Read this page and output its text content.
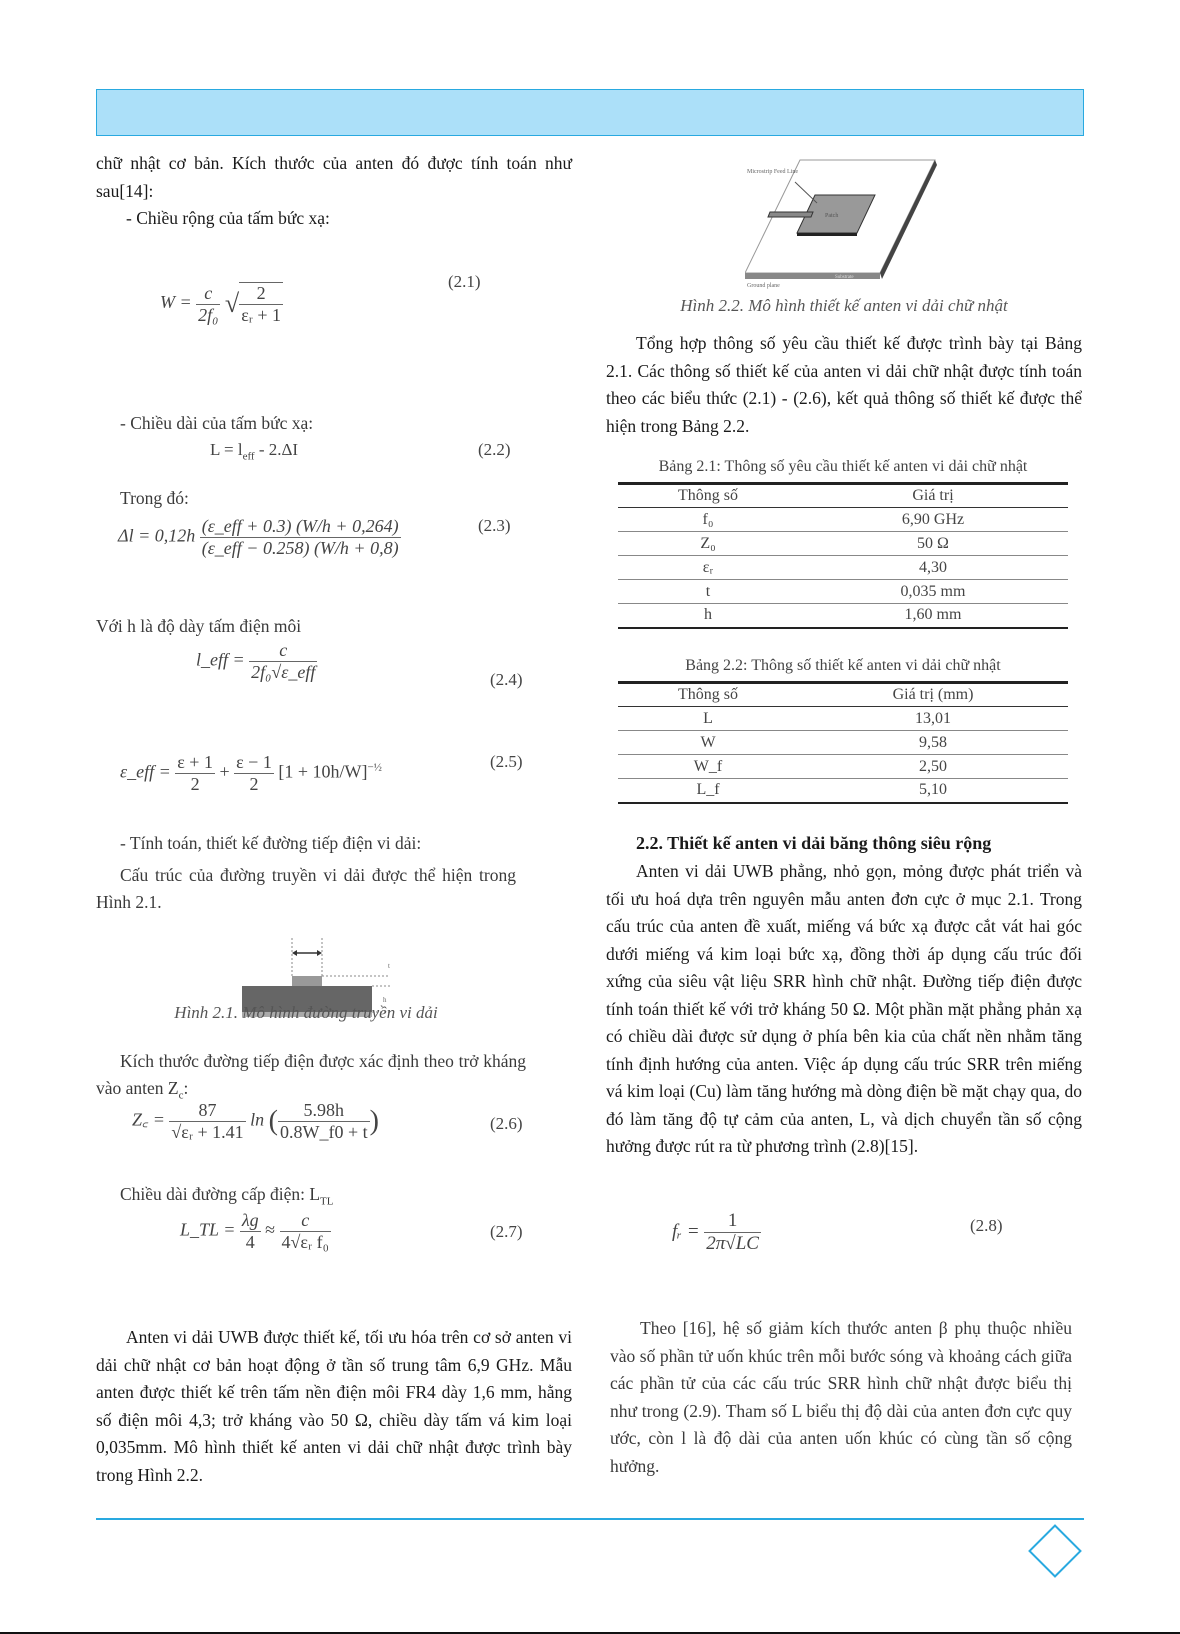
chữ nhật cơ bản. Kích thước của anten đó được tính toán như sau[14]:

- Chiều rộng của tấm bức xạ:

$W = \frac{c}{\text{2f₀}}$ √ $\frac{2}{\text{εᵣ + 1}}$
(2.1)
- Chiều dài của tấm bức xạ:
$L = l_{eff} - 2.\Delta I$	(2.2)
Trong đó:
$\Delta l = 0,12h \frac{\text{(ε\_eff + 0.3) (W/h + 0,264)}}{\text{(ε\_eff − 0.258) (W/h + 0,8)}}$	(2.3)
Với h là độ dày tấm điện môi
l_eff = $\frac{c}{\text{2f₀√ε\_eff}}$	(2.4)
ε_eff = $\frac{\varepsilon + 1}{2} + \frac{\varepsilon - 1}{2} [1 + 10h/W]^{-\frac{1}{2}}$	(2.5)
- Tính toán, thiết kế đường tiếp điện vi dải:
Cấu trúc của đường truyền vi dải được thể hiện trong Hình 2.1.
t
h
Hình 2.1. Mô hình đường truyền vi dải
Kích thước đường tiếp điện được xác định theo trở kháng vào anten $Z_c$:
Z꜀ = $\frac{87}{\text{√εᵣ + 1.41}}$ ln ( $\frac{5.98h}{0.8W\_f0 + t}$ )	(2.6)
Chiều dài đường cấp điện: $L_{TL}$
L_TL = $\frac{\lambda g}{4} \approx \frac{c}{\text{4√εᵣ f₀}}$	(2.7)
Anten vi dải UWB được thiết kế, tối ưu hóa trên cơ sở anten vi dải chữ nhật cơ bản hoạt động ở tần số trung tâm 6,9 GHz. Mẫu anten được thiết kế trên tấm nền điện môi FR4 dày 1,6 mm, hằng số điện môi 4,3; trở kháng vào 50 Ω, chiều dày tấm vá kim loại 0,035mm. Mô hình thiết kế anten vi dải chữ nhật được trình bày trong Hình 2.2.
Microstrip Feed Line
Patch
Ground plane
Substrate
Hình 2.2. Mô hình thiết kế anten vi dải chữ nhật
Tổng hợp thông số yêu cầu thiết kế được trình bày tại Bảng 2.1. Các thông số thiết kế của anten vi dải chữ nhật được tính toán theo các biểu thức (2.1) - (2.6), kết quả thông số thiết kế được thể hiện trong Bảng 2.2.
Bảng 2.1: Thông số yêu cầu thiết kế anten vi dải chữ nhật
Thông số	Giá trị
f₀	6,90 GHz
Z₀	50 Ω
εᵣ	4,30
t	0,035 mm
h	1,60 mm
Bảng 2.2: Thông số thiết kế anten vi dải chữ nhật
Thông số	Giá trị (mm)
L	13,01
W	9,58
W_f	2,50
L_f	5,10
2.2. Thiết kế anten vi dải băng thông siêu rộng
Anten vi dải UWB phẳng, nhỏ gọn, mỏng được phát triển và tối ưu hoá dựa trên nguyên mẫu anten đơn cực ở mục 2.1. Trong cấu trúc của anten đề xuất, miếng vá bức xạ được cắt vát hai góc dưới miếng vá kim loại bức xạ, đồng thời áp dụng cấu trúc đối xứng của siêu vật liệu SRR hình chữ nhật. Đường tiếp điện được tính toán thiết kế với trở kháng 50 Ω. Một phần mặt phẳng phản xạ có chiều dài được sử dụng ở phía bên kia của chất nền nhằm tăng tính định hướng của anten. Việc áp dụng cấu trúc SRR trên miếng vá kim loại (Cu) làm tăng hướng mà dòng điện bề mặt chạy qua, do đó làm tăng độ tự cảm của anten, L, và dịch chuyển tần số cộng hưởng được rút ra từ phương trình (2.8)[15].
fᵣ = $\frac{1}{2\pi√LC}$	(2.8)
Theo [16], hệ số giảm kích thước anten β phụ thuộc nhiều vào số phần tử uốn khúc trên mỗi bước sóng và khoảng cách giữa các phần tử của các cấu trúc SRR hình chữ nhật được biểu thị như trong (2.9). Tham số L biểu thị độ dài của anten đơn cực quy ước, còn l là độ dài của anten uốn khúc có cùng tần số cộng hưởng.
